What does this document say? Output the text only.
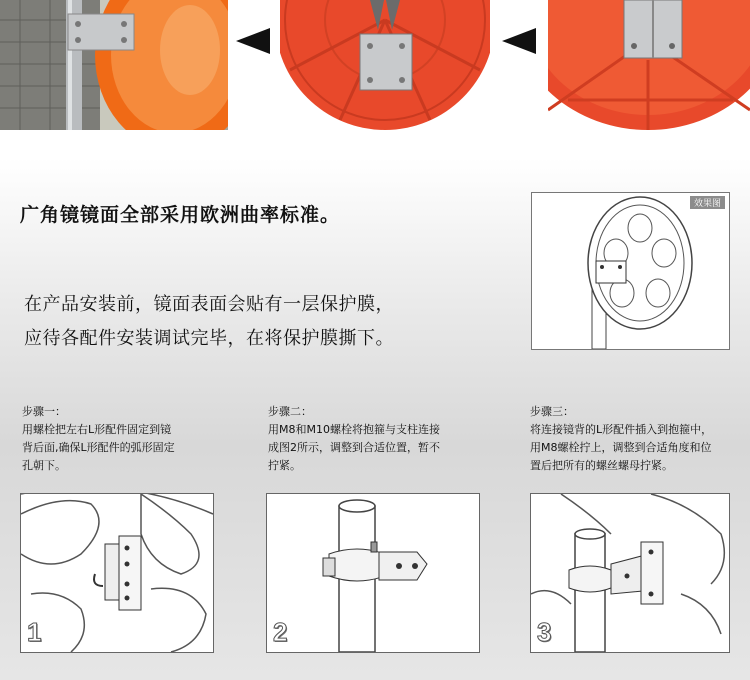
广角镜镜面全部采用欧洲曲率标准。
在产品安装前，镜面表面会贴有一层保护膜，
应待各配件安装调试完毕，在将保护膜撕下。
效果图
步骤一：
用螺栓把左右L形配件固定到镜
背后面,确保L形配件的弧形固定
孔朝下。
步骤二：
用M8和M10螺栓将抱箍与支柱连接
成图2所示，调整到合适位置，暂不
拧紧。
步骤三：
将连接镜背的L形配件插入到抱箍中，
用M8螺栓拧上，调整到合适角度和位
置后把所有的螺丝螺母拧紧。
1	2	3
